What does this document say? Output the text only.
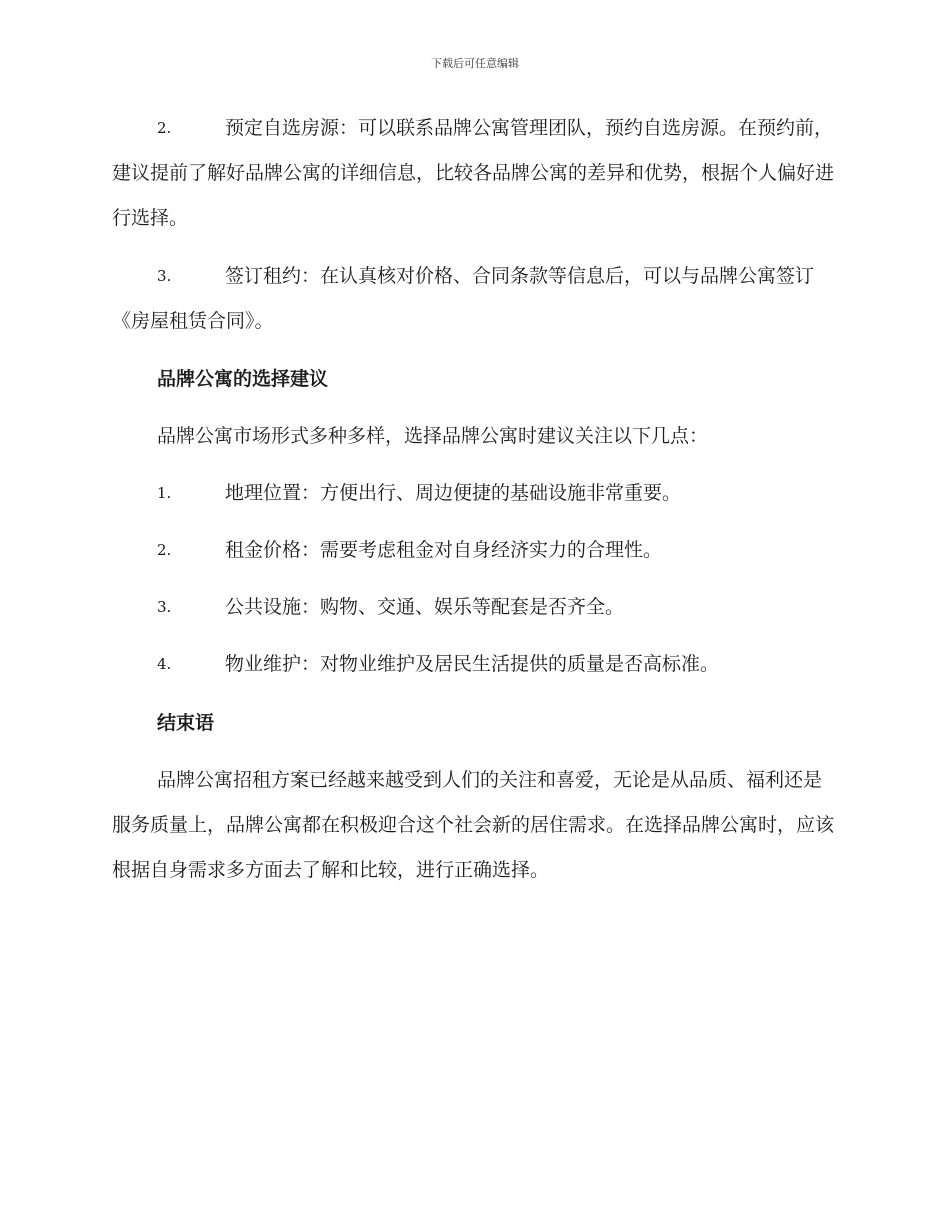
下载后可任意编辑
2.	预定自选房源：可以联系品牌公寓管理团队，预约自选房源。在预约前，建议提前了解好品牌公寓的详细信息，比较各品牌公寓的差异和优势，根据个人偏好进行选择。
3.	签订租约：在认真核对价格、合同条款等信息后，可以与品牌公寓签订《房屋租赁合同》。
品牌公寓的选择建议
品牌公寓市场形式多种多样，选择品牌公寓时建议关注以下几点：
1.	地理位置：方便出行、周边便捷的基础设施非常重要。
2.	租金价格：需要考虑租金对自身经济实力的合理性。
3.	公共设施：购物、交通、娱乐等配套是否齐全。
4.	物业维护：对物业维护及居民生活提供的质量是否高标准。
结束语
品牌公寓招租方案已经越来越受到人们的关注和喜爱，无论是从品质、福利还是服务质量上，品牌公寓都在积极迎合这个社会新的居住需求。在选择品牌公寓时，应该根据自身需求多方面去了解和比较，进行正确选择。
